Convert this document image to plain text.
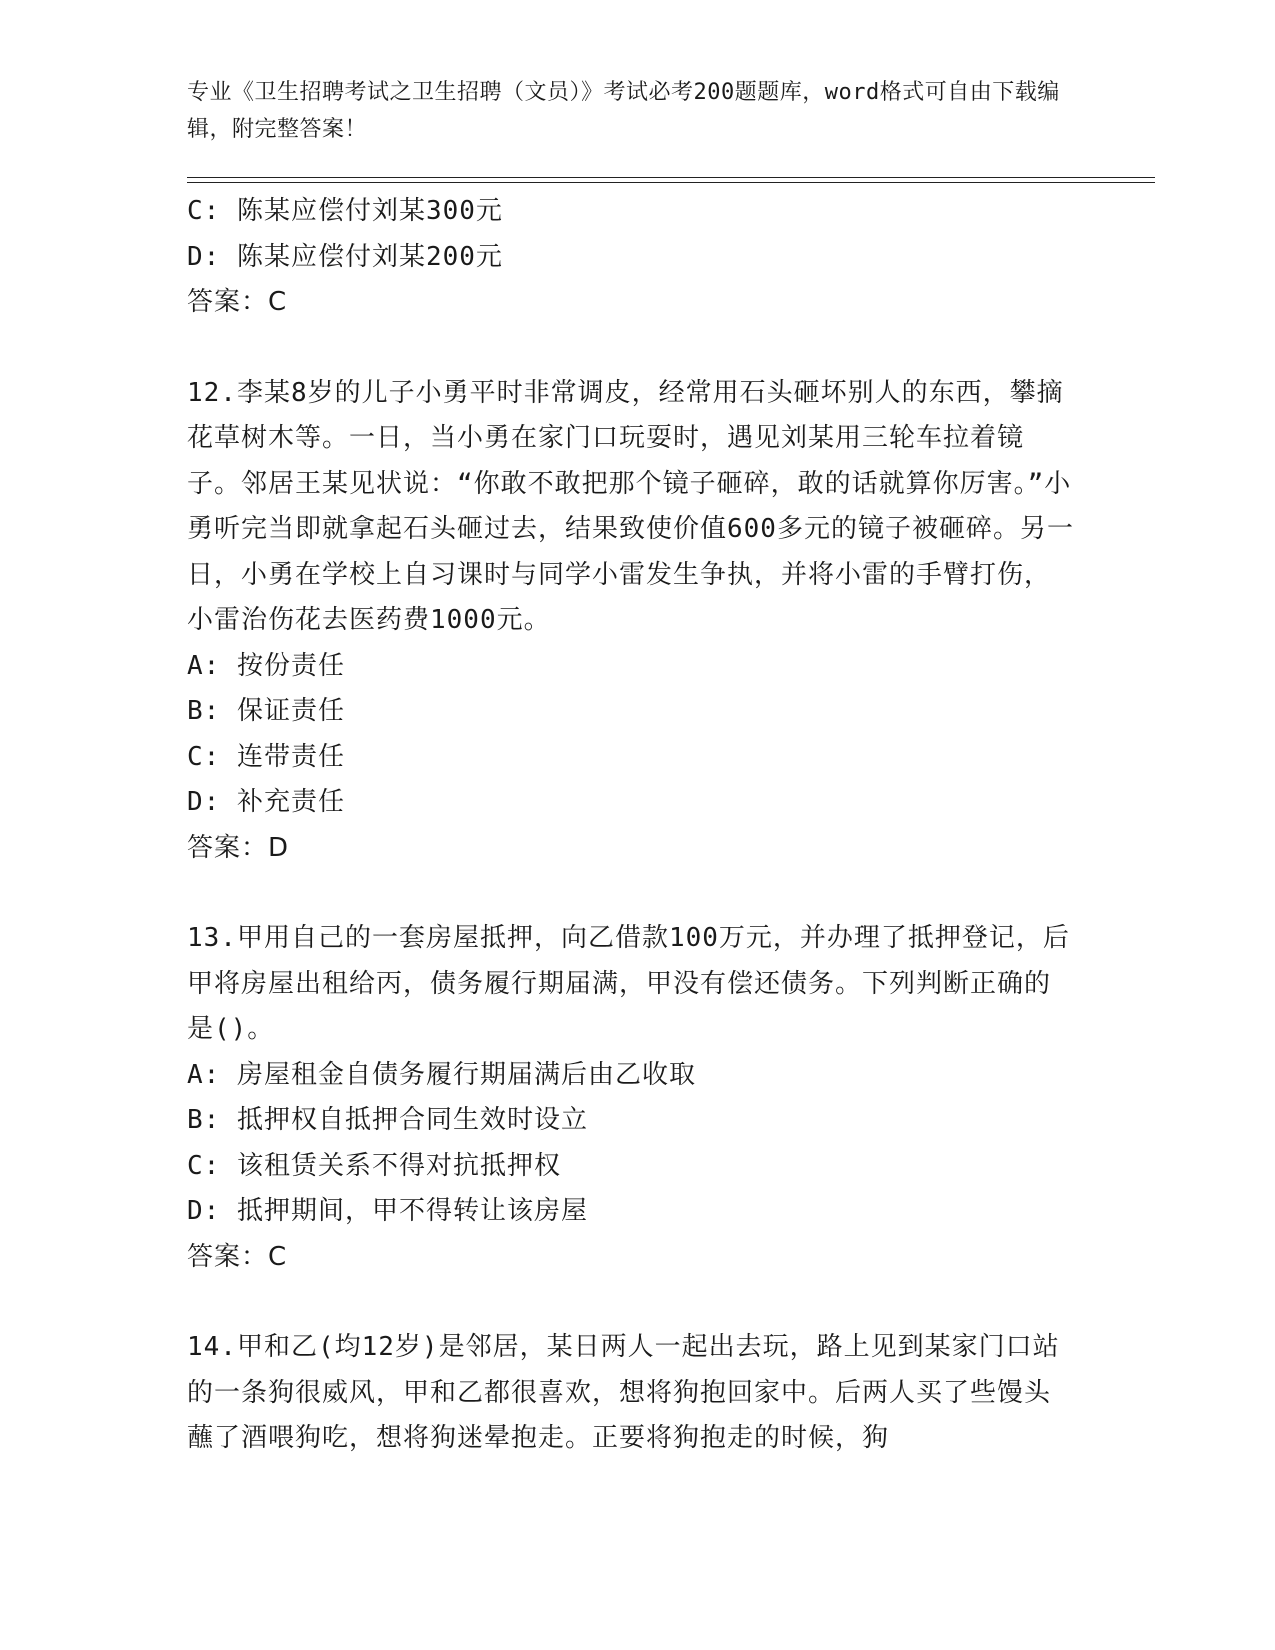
专业《卫生招聘考试之卫生招聘（文员）》考试必考200题题库，word格式可自由下载编辑，附完整答案！
C: 陈某应偿付刘某300元
D: 陈某应偿付刘某200元
答案：C
12.李某8岁的儿子小勇平时非常调皮，经常用石头砸坏别人的东西，攀摘花草树木等。一日，当小勇在家门口玩耍时，遇见刘某用三轮车拉着镜子。邻居王某见状说：“你敢不敢把那个镜子砸碎，敢的话就算你厉害。”小勇听完当即就拿起石头砸过去，结果致使价值600多元的镜子被砸碎。另一日，小勇在学校上自习课时与同学小雷发生争执，并将小雷的手臂打伤，小雷治伤花去医药费1000元。
A: 按份责任
B: 保证责任
C: 连带责任
D: 补充责任
答案：D
13.甲用自己的一套房屋抵押，向乙借款100万元，并办理了抵押登记，后甲将房屋出租给丙，债务履行期届满，甲没有偿还债务。下列判断正确的是()。
A: 房屋租金自债务履行期届满后由乙收取
B: 抵押权自抵押合同生效时设立
C: 该租赁关系不得对抗抵押权
D: 抵押期间，甲不得转让该房屋
答案：C
14.甲和乙(均12岁)是邻居，某日两人一起出去玩，路上见到某家门口站的一条狗很威风，甲和乙都很喜欢，想将狗抱回家中。后两人买了些馒头蘸了酒喂狗吃，想将狗迷晕抱走。正要将狗抱走的时候，狗
